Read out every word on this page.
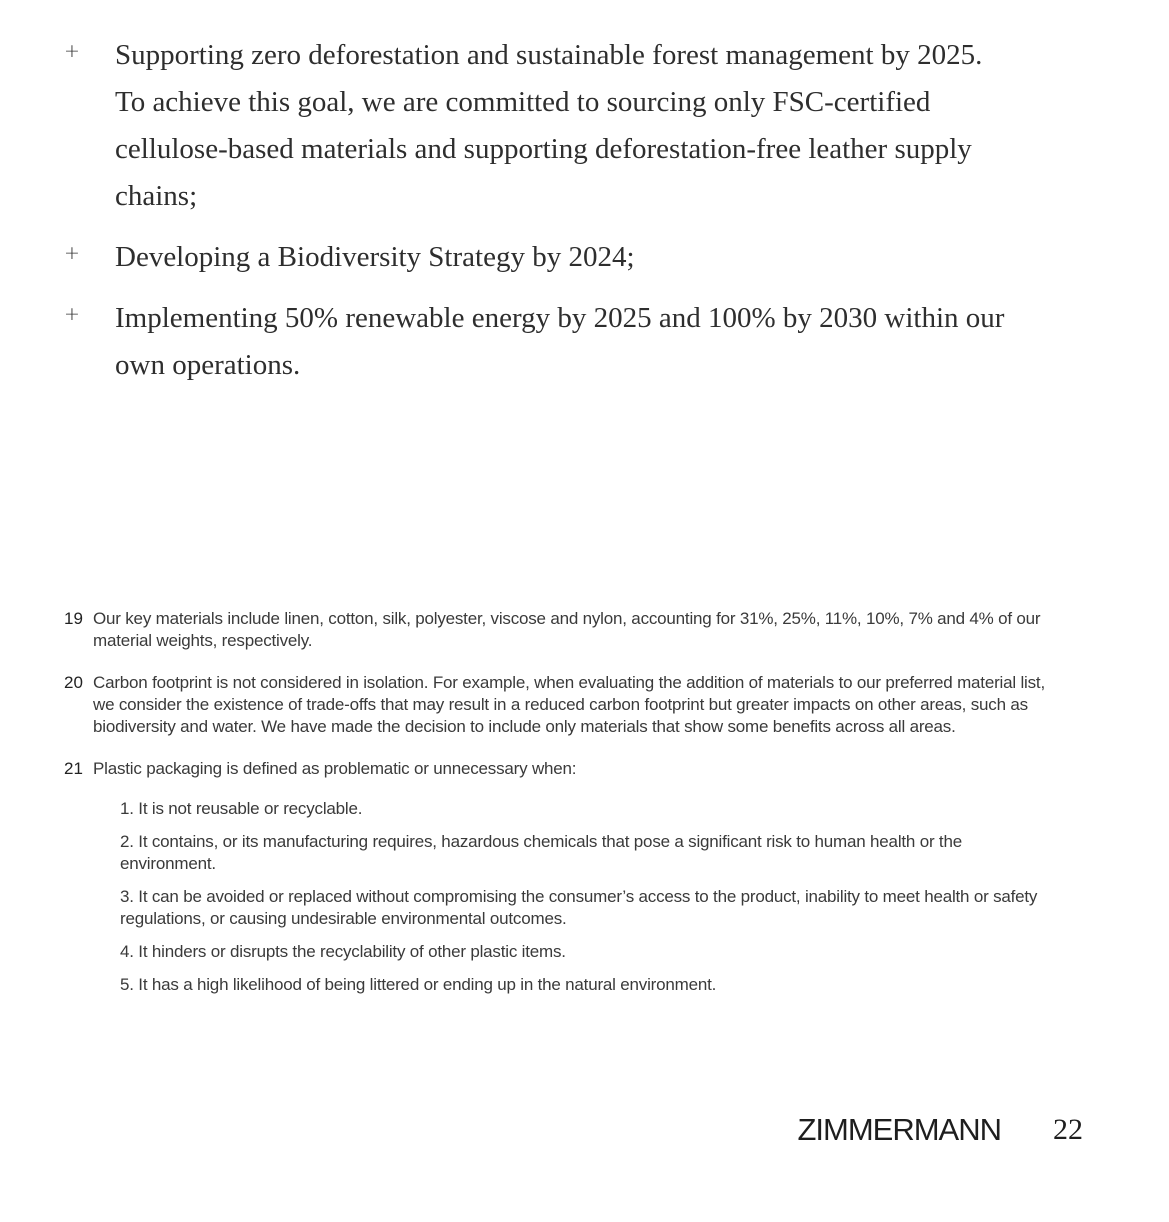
+ Supporting zero deforestation and sustainable forest management by 2025. To achieve this goal, we are committed to sourcing only FSC-certified cellulose-based materials and supporting deforestation-free leather supply chains;
+ Developing a Biodiversity Strategy by 2024;
+ Implementing 50% renewable energy by 2025 and 100% by 2030 within our own operations.
19 Our key materials include linen, cotton, silk, polyester, viscose and nylon, accounting for 31%, 25%, 11%, 10%, 7% and 4% of our material weights, respectively.
20 Carbon footprint is not considered in isolation. For example, when evaluating the addition of materials to our preferred material list, we consider the existence of trade-offs that may result in a reduced carbon footprint but greater impacts on other areas, such as biodiversity and water. We have made the decision to include only materials that show some benefits across all areas.
21 Plastic packaging is defined as problematic or unnecessary when:
1. It is not reusable or recyclable.
2. It contains, or its manufacturing requires, hazardous chemicals that pose a significant risk to human health or the environment.
3. It can be avoided or replaced without compromising the consumer’s access to the product, inability to meet health or safety regulations, or causing undesirable environmental outcomes.
4. It hinders or disrupts the recyclability of other plastic items.
5. It has a high likelihood of being littered or ending up in the natural environment.
ZIMMERMANN 22
